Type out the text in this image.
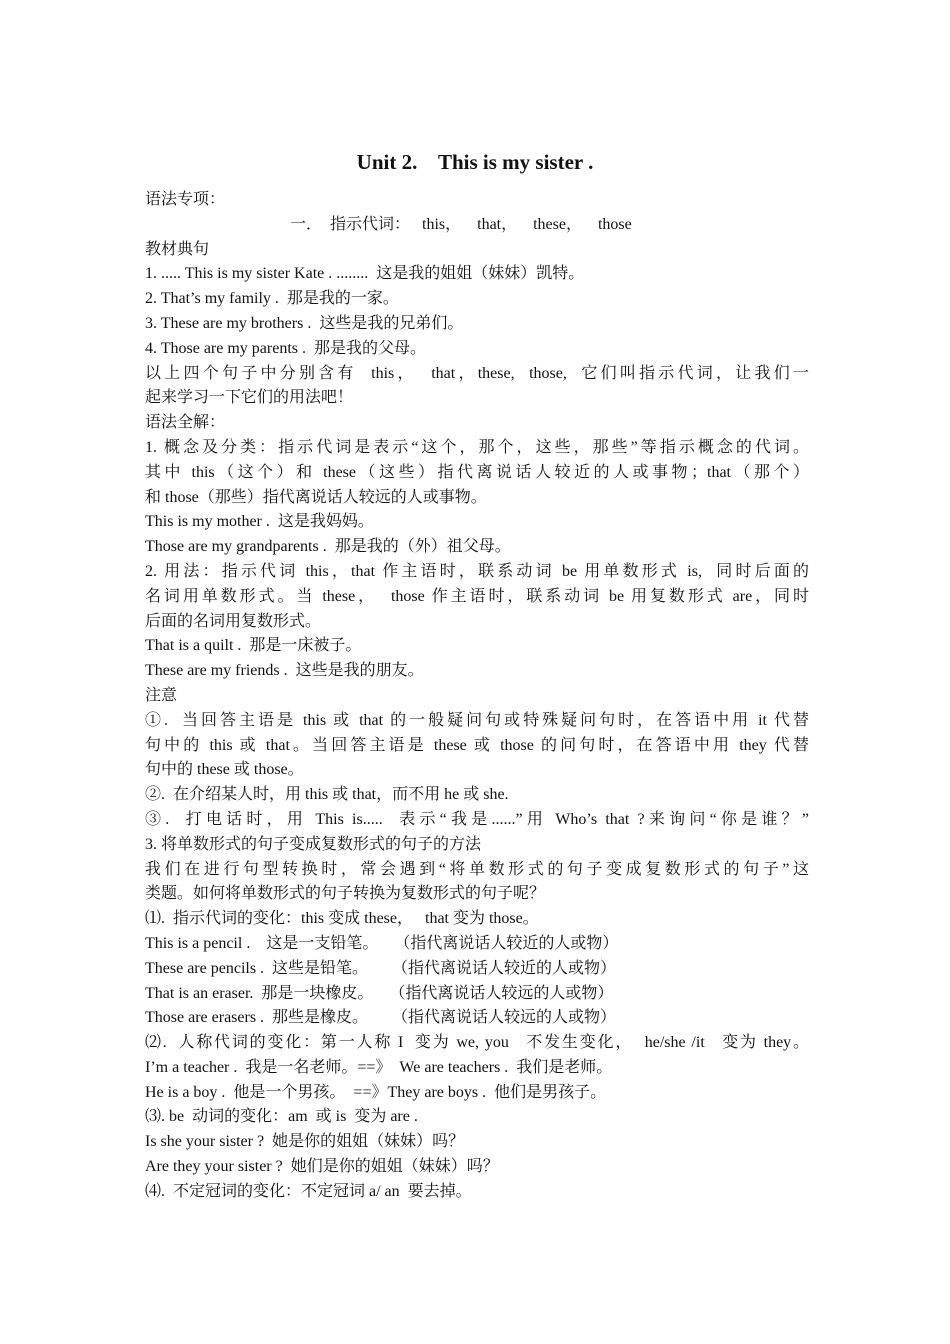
Unit 2.    This is my sister .
语法专项：
一．  指示代词：   this，    that，    these，    those
教材典句
1. ..... This is my sister Kate . ........  这是我的姐姐（妹妹）凯特。
2. That’s my family .  那是我的一家。
3. These are my brothers .  这些是我的兄弟们。
4. Those are my parents .  那是我的父母。
以上四个句子中分别含有  this，  that，these,  those,  它们叫指示代词，让我们一
起来学习一下它们的用法吧！
语法全解：
1. 概念及分类：指示代词是表示“这个，那个，这些，那些”等指示概念的代词。
其中 this（这个）和 these（这些）指代离说话人较近的人或事物；that（那个）
和 those（那些）指代离说话人较远的人或事物。
This is my mother .  这是我妈妈。
Those are my grandparents .  那是我的（外）祖父母。
2. 用法：指示代词 this，that 作主语时，联系动词 be 用单数形式 is,  同时后面的
名词用单数形式。当 these，  those 作主语时，联系动词 be 用复数形式 are，同时
后面的名词用复数形式。
That is a quilt .  那是一床被子。
These are my friends .  这些是我的朋友。
注意
①.  当回答主语是 this 或 that 的一般疑问句或特殊疑问句时，在答语中用 it 代替
句中的 this 或 that。当回答主语是 these 或 those 的问句时，在答语中用 they 代替
句中的 these 或 those。
②.  在介绍某人时，用 this 或 that，而不用 he 或 she.
③.  打电话时，用 This is.....  表示“我是......”用 Who’s that ?来询问“你是谁？”
3. 将单数形式的句子变成复数形式的句子的方法
我们在进行句型转换时，常会遇到“将单数形式的句子变成复数形式的句子”这
类题。如何将单数形式的句子转换为复数形式的句子呢？
⑴.  指示代词的变化：this 变成 these，   that 变为 those。
This is a pencil .    这是一支铅笔。    （指代离说话人较近的人或物）
These are pencils .  这些是铅笔。      （指代离说话人较近的人或物）
That is an eraser.  那是一块橡皮。    （指代离说话人较远的人或物）
Those are erasers .  那些是橡皮。      （指代离说话人较远的人或物）
⑵.  人称代词的变化：第一人称 I  变为 we, you   不发生变化，  he/she /it   变为 they。
I’m a teacher .  我是一名老师。==》  We are teachers .  我们是老师。
He is a boy .  他是一个男孩。  ==》They are boys .  他们是男孩子。
⑶. be  动词的变化：am  或 is  变为 are .
Is she your sister ?  她是你的姐姐（妹妹）吗？
Are they your sister ?  她们是你的姐姐（妹妹）吗？
⑷.  不定冠词的变化：不定冠词 a/ an  要去掉。
